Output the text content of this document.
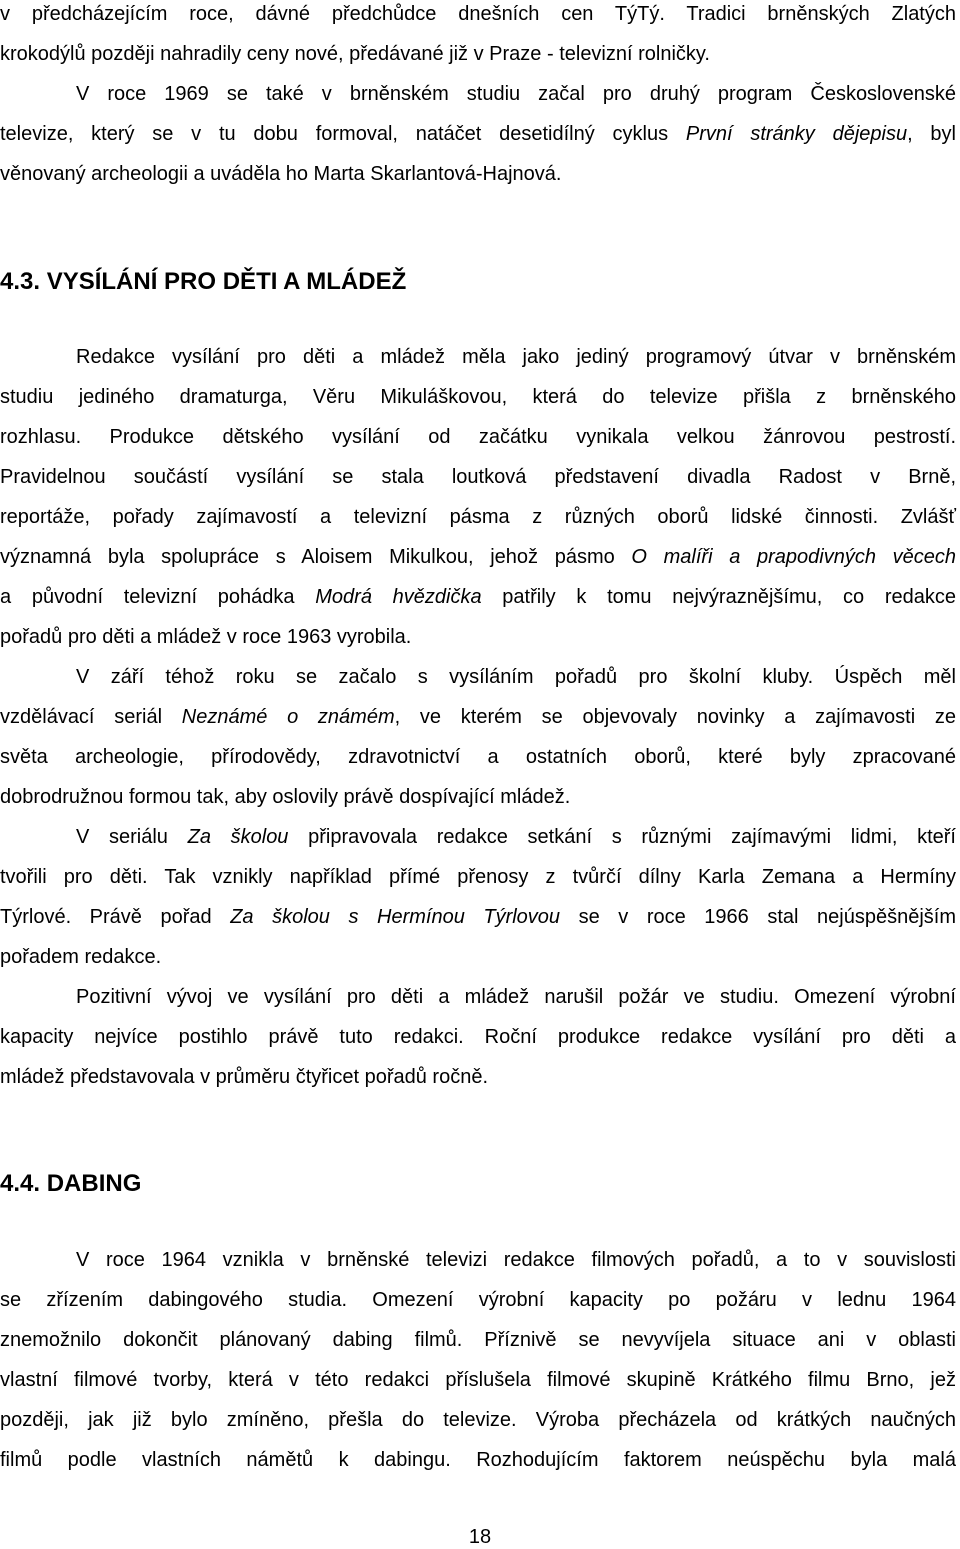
v předcházejícím roce, dávné předchůdce dnešních cen TýTý. Tradici brněnských Zlatých
krokodýlů později nahradily ceny nové, předávané již v Praze - televizní rolničky.
V roce 1969 se také v brněnském studiu začal pro druhý program Československé
televize, který se v tu dobu formoval, natáčet desetidílný cyklus První stránky dějepisu, byl
věnovaný archeologii a uváděla ho Marta Skarlantová-Hajnová.
4.3. VYSÍLÁNÍ PRO DĚTI A MLÁDEŽ
Redakce vysílání pro děti a mládež měla jako jediný programový útvar v brněnském
studiu jediného dramaturga, Věru Mikuláškovou, která do televize přišla z brněnského
rozhlasu. Produkce dětského vysílání od začátku vynikala velkou žánrovou pestrostí.
Pravidelnou součástí vysílání se stala loutková představení divadla Radost v Brně,
reportáže, pořady zajímavostí a televizní pásma z různých oborů lidské činnosti. Zvlášť
významná byla spolupráce s Aloisem Mikulkou, jehož pásmo O malíři a prapodivných věcech
a původní televizní pohádka Modrá hvězdička patřily k tomu nejvýraznějšímu, co redakce
pořadů pro děti a mládež v roce 1963 vyrobila.
V září téhož roku se začalo s vysíláním pořadů pro školní kluby. Úspěch měl
vzdělávací seriál Neznámé o známém, ve kterém se objevovaly novinky a zajímavosti ze
světa archeologie, přírodovědy, zdravotnictví a ostatních oborů, které byly zpracované
dobrodružnou formou tak, aby oslovily právě dospívající mládež.
V seriálu Za školou připravovala redakce setkání s různými zajímavými lidmi, kteří
tvořili pro děti. Tak vznikly například přímé přenosy z tvůrčí dílny Karla Zemana a Hermíny
Týrlové. Právě pořad Za školou s Hermínou Týrlovou se v roce 1966 stal nejúspěšnějším
pořadem redakce.
Pozitivní vývoj ve vysílání pro děti a mládež narušil požár ve studiu. Omezení výrobní
kapacity nejvíce postihlo právě tuto redakci. Roční produkce redakce vysílání pro děti a
mládež představovala v průměru čtyřicet pořadů ročně.
4.4. DABING
V roce 1964 vznikla v brněnské televizi redakce filmových pořadů, a to v souvislosti
se zřízením dabingového studia. Omezení výrobní kapacity po požáru v lednu 1964
znemožnilo dokončit plánovaný dabing filmů. Příznivě se nevyvíjela situace ani v oblasti
vlastní filmové tvorby, která v této redakci příslušela filmové skupině Krátkého filmu Brno, jež
později, jak již bylo zmíněno, přešla do televize. Výroba přecházela od krátkých naučných
filmů podle vlastních námětů k dabingu. Rozhodujícím faktorem neúspěchu byla malá
18
